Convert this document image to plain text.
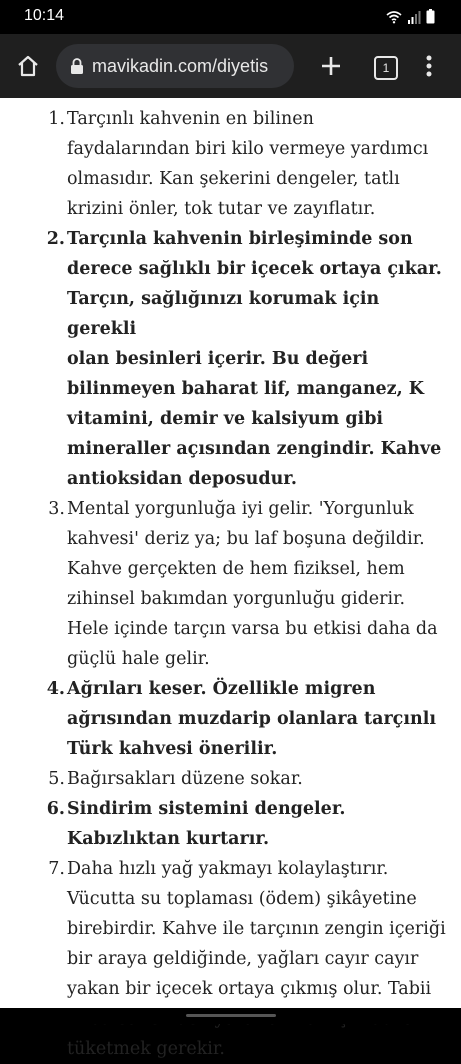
10:14
mavikadin.com/diyetis	1
1. Tarçınlı kahvenin en bilinen
faydalarından biri kilo vermeye yardımcı
olmasıdır. Kan şekerini dengeler, tatlı
krizini önler, tok tutar ve zayıflatır.
2. Tarçınla kahvenin birleşiminde son
derece sağlıklı bir içecek ortaya çıkar.
Tarçın, sağlığınızı korumak için gerekli
olan besinleri içerir. Bu değeri
bilinmeyen baharat lif, manganez, K
vitamini, demir ve kalsiyum gibi
mineraller açısından zengindir. Kahve
antioksidan deposudur.
3. Mental yorgunluğa iyi gelir. 'Yorgunluk
kahvesi' deriz ya; bu laf boşuna değildir.
Kahve gerçekten de hem fiziksel, hem
zihinsel bakımdan yorgunluğu giderir.
Hele içinde tarçın varsa bu etkisi daha da
güçlü hale gelir.
4. Ağrıları keser. Özellikle migren
ağrısından muzdarip olanlara tarçınlı
Türk kahvesi önerilir.
5. Bağırsakları düzene sokar.
6. Sindirim sistemini dengeler.
Kabızlıktan kurtarır.
7. Daha hızlı yağ yakmayı kolaylaştırır.
Vücutta su toplaması (ödem) şikâyetine
birebirdir. Kahve ile tarçının zengin içeriği
bir araya geldiğinde, yağları cayır cayır
yakan bir içecek ortaya çıkmış olur. Tabii
tüketmek gerekir.
